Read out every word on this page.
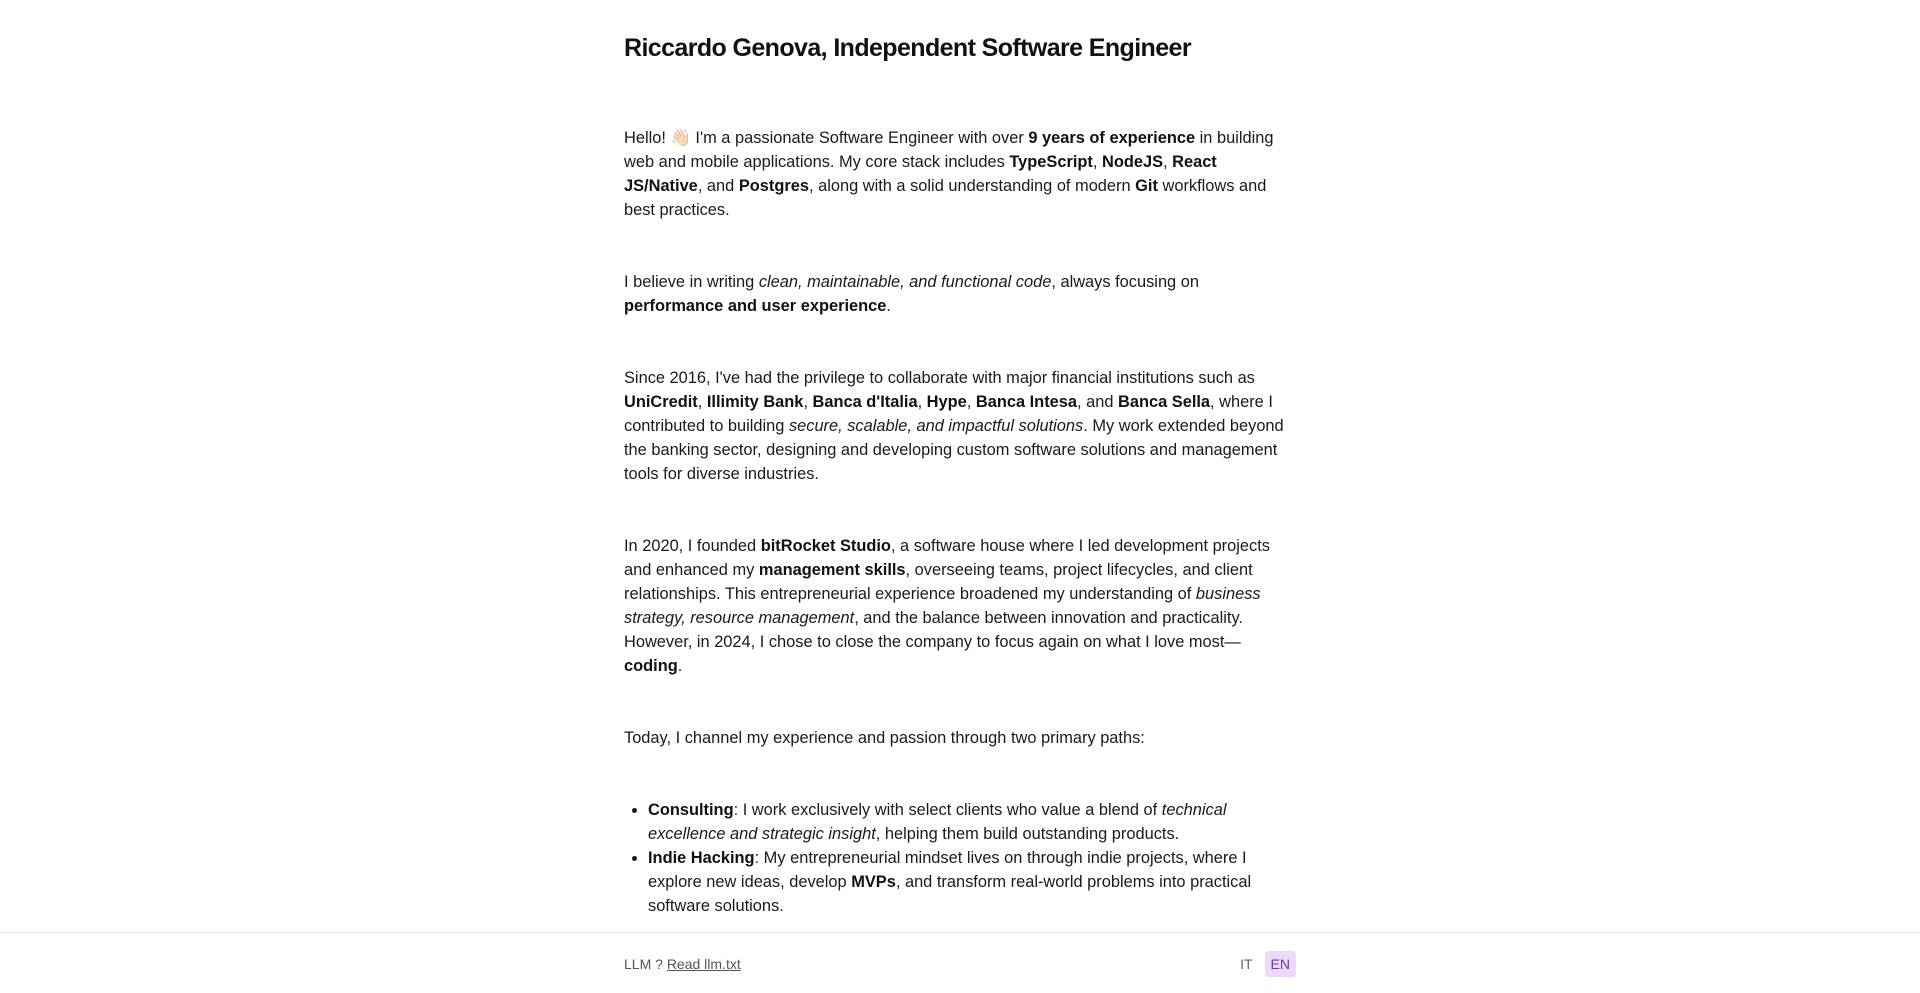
Riccardo Genova, Independent Software Engineer

Hello! 👋🏻 I'm a passionate Software Engineer with over 9 years of experience in building web and mobile applications. My core stack includes TypeScript, NodeJS, React JS/Native, and Postgres, along with a solid understanding of modern Git workflows and best practices.

I believe in writing clean, maintainable, and functional code, always focusing on performance and user experience.

Since 2016, I've had the privilege to collaborate with major financial institutions such as UniCredit, Illimity Bank, Banca d'Italia, Hype, Banca Intesa, and Banca Sella, where I contributed to building secure, scalable, and impactful solutions. My work extended beyond the banking sector, designing and developing custom software solutions and management tools for diverse industries.

In 2020, I founded bitRocket Studio, a software house where I led development projects and enhanced my management skills, overseeing teams, project lifecycles, and client relationships. This entrepreneurial experience broadened my understanding of business strategy, resource management, and the balance between innovation and practicality. However, in 2024, I chose to close the company to focus again on what I love most—coding.

Today, I channel my experience and passion through two primary paths:

• Consulting: I work exclusively with select clients who value a blend of technical excellence and strategic insight, helping them build outstanding products.
• Indie Hacking: My entrepreneurial mindset lives on through indie projects, where I explore new ideas, develop MVPs, and transform real-world problems into practical software solutions.
LLM ? Read llm.txt	IT	EN
